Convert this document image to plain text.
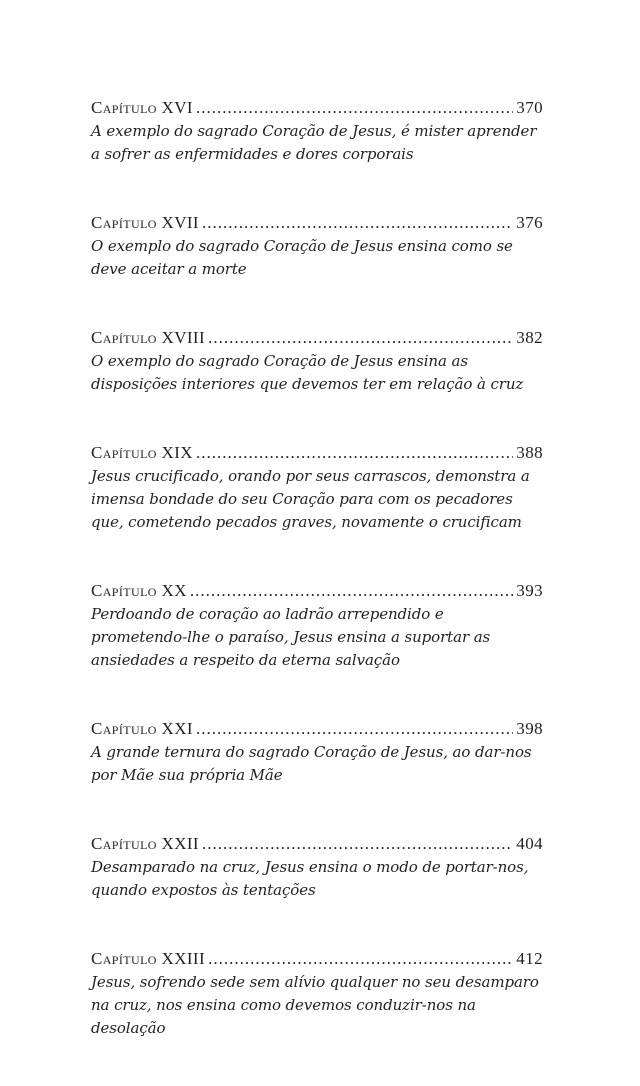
Capítulo XVI .....	370
A exemplo do sagrado Coração de Jesus, é mister aprender a sofrer as enfermidades e dores corporais
Capítulo XVII .....	376
O exemplo do sagrado Coração de Jesus ensina como se deve aceitar a morte
Capítulo XVIII .....	382
O exemplo do sagrado Coração de Jesus ensina as disposições interiores que devemos ter em relação à cruz
Capítulo XIX .....	388
Jesus crucificado, orando por seus carrascos, demonstra a imensa bondade do seu Coração para com os pecadores que, cometendo pecados graves, novamente o crucificam
Capítulo XX .....	393
Perdoando de coração ao ladrão arrependido e prometendo-lhe o paraíso, Jesus ensina a suportar as ansiedades a respeito da eterna salvação
Capítulo XXI .....	398
A grande ternura do sagrado Coração de Jesus, ao dar-nos por Mãe sua própria Mãe
Capítulo XXII .....	404
Desamparado na cruz, Jesus ensina o modo de portar-nos, quando expostos às tentações
Capítulo XXIII .....	412
Jesus, sofrendo sede sem alívio qualquer no seu desamparo na cruz, nos ensina como devemos conduzir-nos na desolação
